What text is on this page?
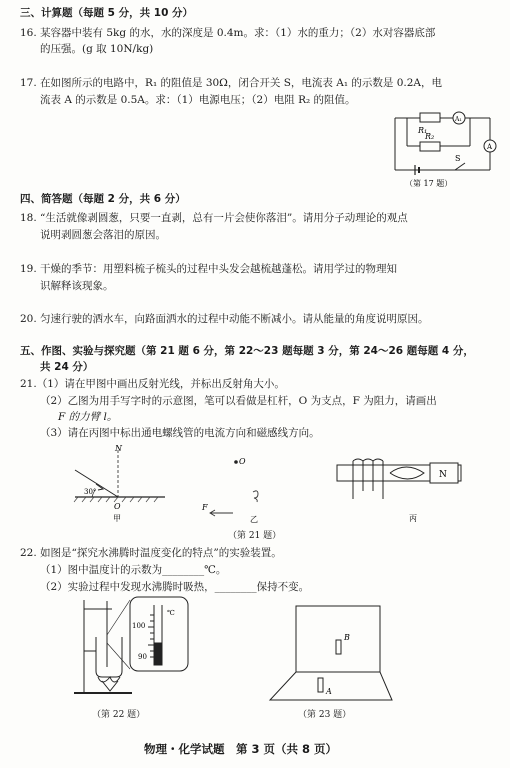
三、计算题（每题 5 分，共 10 分）
16. 某容器中装有 5kg 的水，水的深度是 0.4m。求：（1）水的重力；（2）水对容器底部
的压强。(g 取 10N/kg)
17. 在如图所示的电路中，R₁ 的阻值是 30Ω，闭合开关 S，电流表 A₁ 的示数是 0.2A，电
流表 A 的示数是 0.5A。求：（1）电源电压；（2）电阻 R₂ 的阻值。
R₁
R₂
S
A₁
A
（第 17 题）
四、简答题（每题 2 分，共 6 分）
18. “生活就像剥圆葱，只要一直剥，总有一片会使你落泪”。请用分子动理论的观点
说明剥圆葱会落泪的原因。
19. 干燥的季节：用塑料梳子梳头的过程中头发会越梳越蓬松。请用学过的物理知
识解释该现象。
20. 匀速行驶的洒水车，向路面洒水的过程中动能不断减小。请从能量的角度说明原因。
五、作图、实验与探究题（第 21 题 6 分，第 22～23 题每题 3 分，第 24～26 题每题 4 分，
共 24 分）
21.（1）请在甲图中画出反射光线，并标出反射角大小。
（2）乙图为用手写字时的示意图，笔可以看做是杠杆，O 为支点，F 为阻力，请画出
F 的力臂 l。
（3）请在丙图中标出通电螺线管的电流方向和磁感线方向。
N
30°
O
甲
O
F
乙
N
丙
（第 21 题）
22. 如图是“探究水沸腾时温度变化的特点”的实验装置。
（1）图中温度计的示数为________℃。
（2）实验过程中发现水沸腾时吸热，________保持不变。
℃
100
90
（第 22 题）
B
A
（第 23 题）
物理・化学试题　第 3 页（共 8 页）
